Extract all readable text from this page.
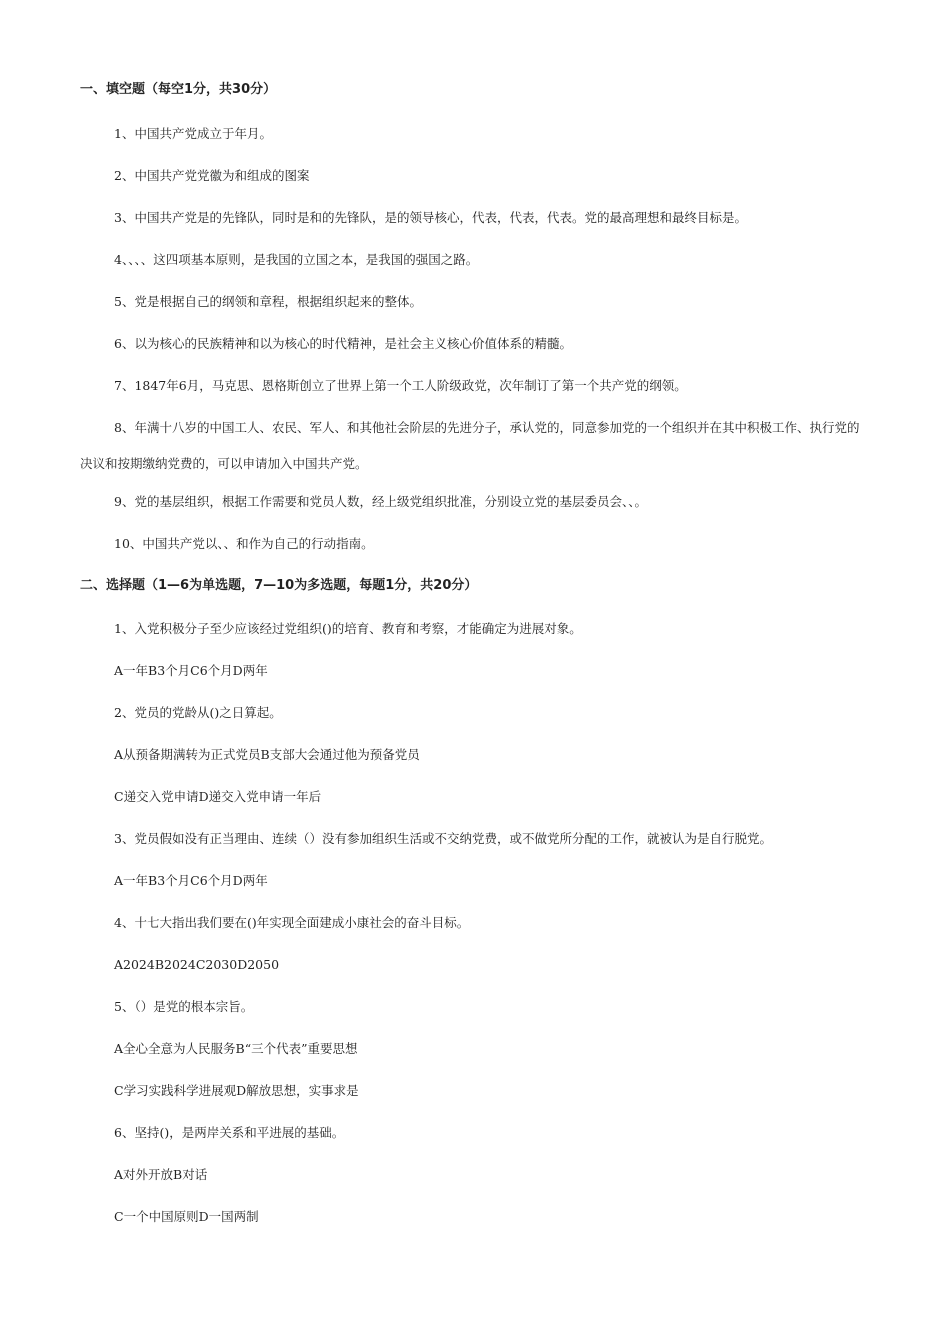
一、填空题（每空1分，共30分）
1、中国共产党成立于年月。
2、中国共产党党徽为和组成的图案
3、中国共产党是的先锋队，同时是和的先锋队，是的领导核心，代表，代表，代表。党的最高理想和最终目标是。
4、、、、这四项基本原则，是我国的立国之本，是我国的强国之路。
5、党是根据自己的纲领和章程，根据组织起来的整体。
6、以为核心的民族精神和以为核心的时代精神，是社会主义核心价值体系的精髓。
7、1847年6月，马克思、恩格斯创立了世界上第一个工人阶级政党，次年制订了第一个共产党的纲领。
8、年满十八岁的中国工人、农民、军人、和其他社会阶层的先进分子，承认党的，同意参加党的一个组织并在其中积极工作、执行党的决议和按期缴纳党费的，可以申请加入中国共产党。
9、党的基层组织，根据工作需要和党员人数，经上级党组织批准，分别设立党的基层委员会、、。
10、中国共产党以、、和作为自己的行动指南。
二、选择题（1—6为单选题，7—10为多选题，每题1分，共20分）
1、入党积极分子至少应该经过党组织()的培育、教育和考察，才能确定为进展对象。
A一年B3个月C6个月D两年
2、党员的党龄从()之日算起。
A从预备期满转为正式党员B支部大会通过他为预备党员
C递交入党申请D递交入党申请一年后
3、党员假如没有正当理由、连续（）没有参加组织生活或不交纳党费，或不做党所分配的工作，就被认为是自行脱党。
A一年B3个月C6个月D两年
4、十七大指出我们要在()年实现全面建成小康社会的奋斗目标。
A2024B2024C2030D2050
5、（）是党的根本宗旨。
A全心全意为人民服务B“三个代表”重要思想
C学习实践科学进展观D解放思想，实事求是
6、坚持()，是两岸关系和平进展的基础。
A对外开放B对话
C一个中国原则D一国两制
